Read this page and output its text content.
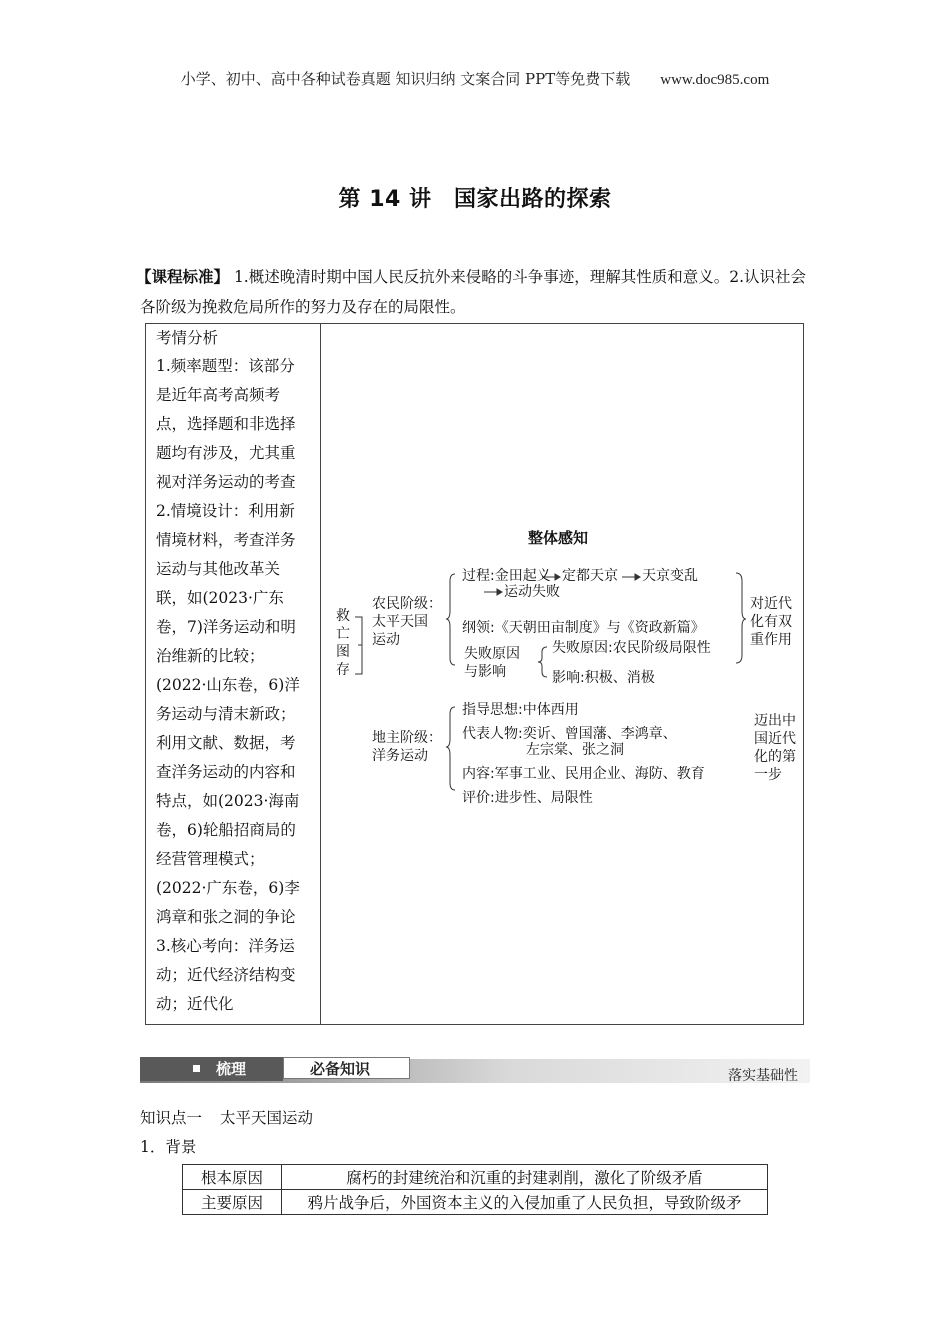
小学、初中、高中各种试卷真题 知识归纳 文案合同 PPT等免费下载 www.doc985.com
第 14 讲　国家出路的探索
【课程标准】 1.概述晚清时期中国人民反抗外来侵略的斗争事迹，理解其性质和意义。2.认识社会各阶级为挽救危局所作的努力及存在的局限性。
考情分析
1.频率题型：该部分
是近年高考高频考
点，选择题和非选择
题均有涉及，尤其重
视对洋务运动的考查
2.情境设计：利用新
情境材料，考查洋务
运动与其他改革关
联，如(2023·广东
卷，7)洋务运动和明
治维新的比较；
(2022·山东卷，6)洋
务运动与清末新政；
利用文献、数据，考
查洋务运动的内容和
特点，如(2023·海南
卷，6)轮船招商局的
经营管理模式；
(2022·广东卷，6)李
鸿章和张之洞的争论
3.核心考向：洋务运
动；近代经济结构变
动；近代化
整体感知
救
亡
图
存
农民阶级：
太平天国
运动
过程:金田起义 定都天京 天京变乱
运动失败
纲领:《天朝田亩制度》与《资政新篇》
失败原因
与影响
失败原因:农民阶级局限性
影响:积极、消极
对近代
化有双
重作用
地主阶级：
洋务运动
指导思想:中体西用
代表人物:奕䜣、曾国藩、李鸿章、
左宗棠、张之洞
内容:军事工业、民用企业、海防、教育
评价:进步性、局限性
迈出中
国近代
化的第
一步
梳理	必备知识	落实基础性
知识点一 太平天国运动
1．背景
根本原因	腐朽的封建统治和沉重的封建剥削，激化了阶级矛盾
主要原因	鸦片战争后，外国资本主义的入侵加重了人民负担，导致阶级矛
